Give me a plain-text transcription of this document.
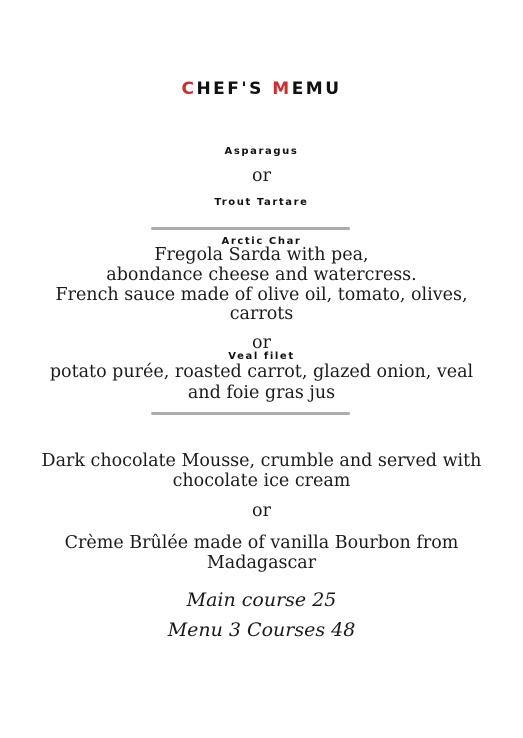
CHEF'S MEMU
Asparagus
or
Trout Tartare
Arctic Char
Fregola Sarda with pea,
abondance cheese and watercress.
French sauce made of olive oil, tomato, olives,
carrots
or
Veal filet
potato purée, roasted carrot, glazed onion, veal
and foie gras jus
Dark chocolate Mousse, crumble and served with
chocolate ice cream
or
Crème Brûlée made of vanilla Bourbon from
Madagascar
Main course 25
Menu 3 Courses 48
